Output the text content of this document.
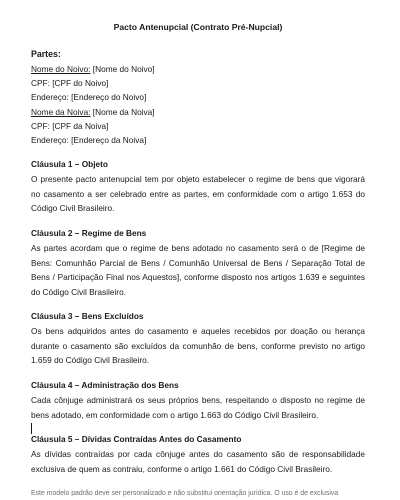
Pacto Antenupcial (Contrato Pré-Nupcial)
Partes:
Nome do Noivo: [Nome do Noivo]
CPF: [CPF do Noivo]
Endereço: [Endereço do Noivo]
Nome da Noiva: [Nome da Noiva]
CPF: [CPF da Noiva]
Endereço: [Endereço da Noiva]
Cláusula 1 – Objeto

O presente pacto antenupcial tem por objeto estabelecer o regime de bens que vigorará no casamento a ser celebrado entre as partes, em conformidade com o artigo 1.653 do Código Civil Brasileiro.

Cláusula 2 – Regime de Bens

As partes acordam que o regime de bens adotado no casamento será o de [Regime de Bens: Comunhão Parcial de Bens / Comunhão Universal de Bens / Separação Total de Bens / Participação Final nos Aquestos], conforme disposto nos artigos 1.639 e seguintes do Código Civil Brasileiro.

Cláusula 3 – Bens Excluídos

Os bens adquiridos antes do casamento e aqueles recebidos por doação ou herança durante o casamento são excluídos da comunhão de bens, conforme previsto no artigo 1.659 do Código Civil Brasileiro.

Cláusula 4 – Administração dos Bens

Cada cônjuge administrará os seus próprios bens, respeitando o disposto no regime de bens adotado, em conformidade com o artigo 1.663 do Código Civil Brasileiro.

Cláusula 5 – Dívidas Contraídas Antes do Casamento

As dívidas contraídas por cada cônjuge antes do casamento são de responsabilidade exclusiva de quem as contraiu, conforme o artigo 1.661 do Código Civil Brasileiro.

Este modelo padrão deve ser personalizado e não substitui orientação jurídica. O uso é de exclusiva
